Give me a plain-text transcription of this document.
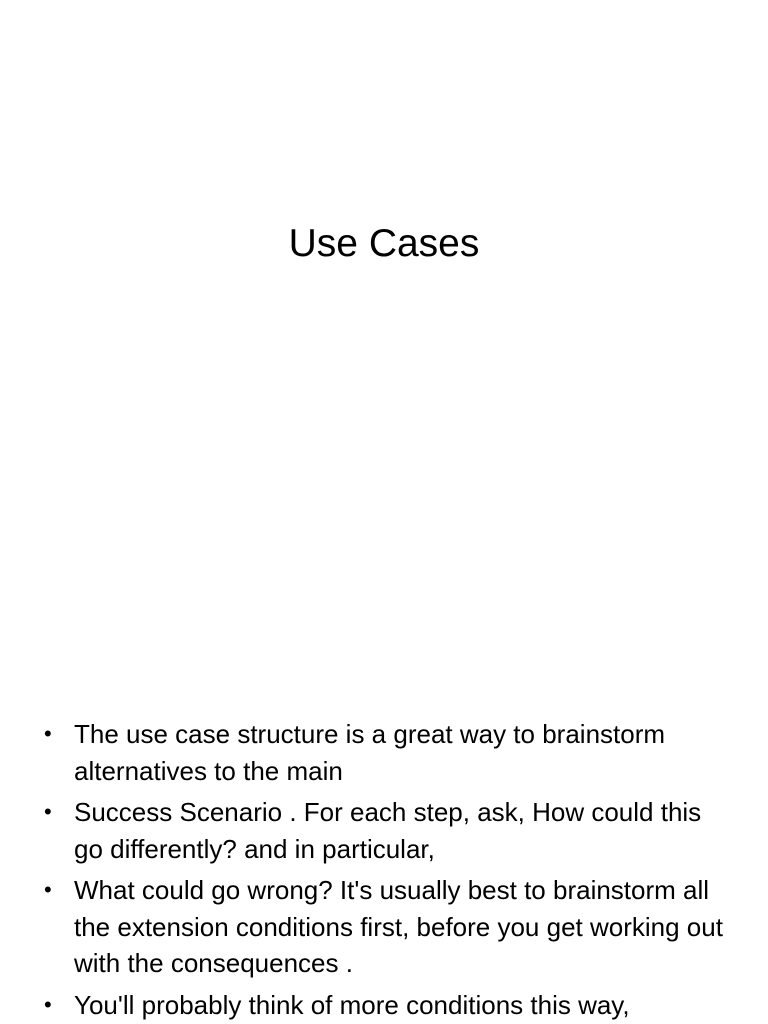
Use Cases
• The use case structure is a great way to brainstorm alternatives to the main
• Success Scenario . For each step, ask, How could this go differently? and in particular,
• What could go wrong? It's usually best to brainstorm all the extension conditions first, before you get working out with the consequences .
• You'll probably think of more conditions this way,
